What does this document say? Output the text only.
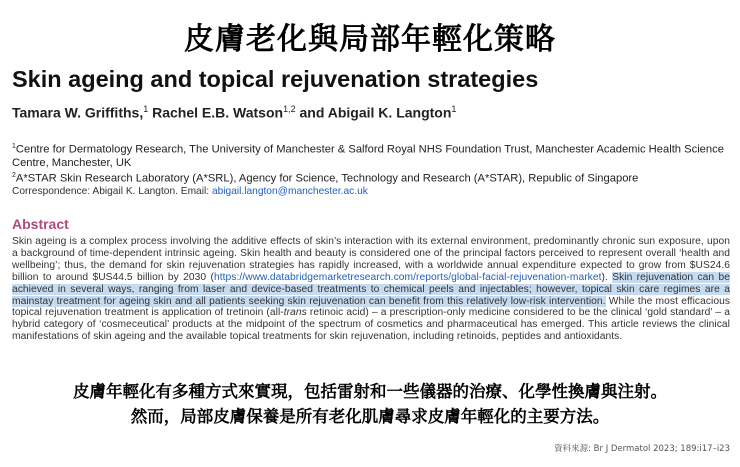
皮膚老化與局部年輕化策略
Skin ageing and topical rejuvenation strategies
Tamara W. Griffiths,$^1$ Rachel E.B. Watson$^{1,2}$ and Abigail K. Langton$^1$
$^1$Centre for Dermatology Research, The University of Manchester & Salford Royal NHS Foundation Trust, Manchester Academic Health Science Centre, Manchester, UK
$^2$A*STAR Skin Research Laboratory (A*SRL), Agency for Science, Technology and Research (A*STAR), Republic of Singapore
Correspondence: Abigail K. Langton. Email: abigail.langton@manchester.ac.uk
Abstract
Skin ageing is a complex process involving the additive effects of skin’s interaction with its external environment, predominantly chronic sun exposure, upon a background of time-dependent intrinsic ageing. Skin health and beauty is considered one of the principal factors perceived to represent overall ‘health and wellbeing’; thus, the demand for skin rejuvenation strategies has rapidly increased, with a worldwide annual expenditure expected to grow from $US24.6 billion to around $US44.5 billion by 2030 (https://www.databridgemarketresearch.com/reports/global-facial-rejuvenation-market). Skin rejuvenation can be achieved in several ways, ranging from laser and device-based treatments to chemical peels and injectables; however, topical skin care regimes are a mainstay treatment for ageing skin and all patients seeking skin rejuvenation can benefit from this relatively low-risk intervention. While the most efficacious topical rejuvenation treatment is application of tretinoin (all-trans retinoic acid) – a prescription-only medicine considered to be the clinical ‘gold standard’ – a hybrid category of ‘cosmeceutical’ products at the midpoint of the spectrum of cosmetics and pharmaceutical has emerged. This article reviews the clinical manifestations of skin ageing and the available topical treatments for skin rejuvenation, including retinoids, peptides and antioxidants.
皮膚年輕化有多種方式來實現，包括雷射和一些儀器的治療、化學性換膚與注射。
然而，局部皮膚保養是所有老化肌膚尋求皮膚年輕化的主要方法。
資料來源: Br J Dermatol 2023; 189:i17–i23
